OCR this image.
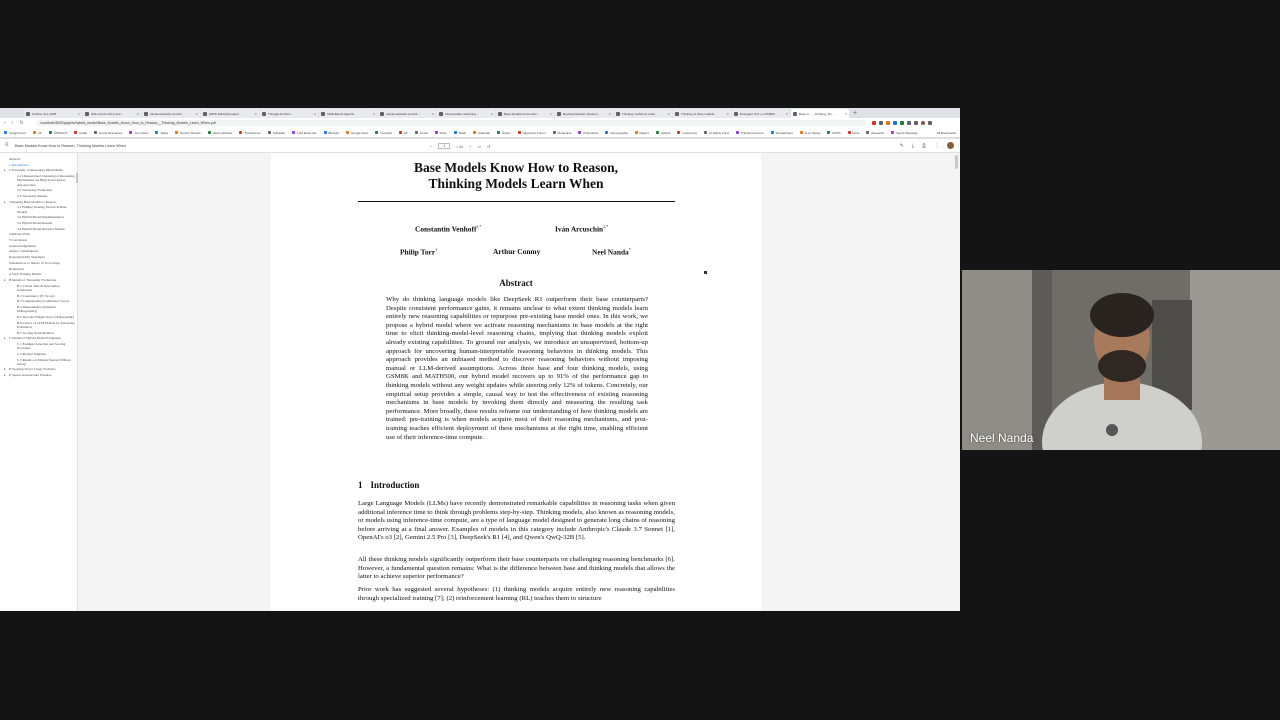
October 3rd, 2025	×	Self-correct with a few…	×	nanda.substack.com/i/1…	×	[2506.1041] Emergent…	×	Thought Anchors…	×	SWE-Bench Agentic…	×	nanda.substack.com/i/1…	×	Interpretable reasoning…	×	Base Models Know How…	×	Revised Abstract: Reason…	×	Thinking models at scale…	×	Thinking vs base models…	×	Emergent CoT on GSM8K…	×	Base m… _Thinking_Mo…	× +
‹ › ↻	localhost:8000/papers/hybrid_model/Base_Models_Know_How_to_Reason__Thinking_Models_Learn_When.pdf
nnsight docs	AF	NNSIGHT	Colab	Arena Resources	Core Docs	Tasks	Neuron Review	Neel's Website	Transformer	Substack	LLM Eval Lists	Bluesky	Google Docs	Overleaf	HF	Gmail	Drive	Slack	Calendar	Notion	Alignment Forum	Metaculus	Polymarket	Neuronpedia	Papers	GitHub	Lesswrong	AI Safety Fund	TransformerLens	Spreadsheet	Arxiv Sanity	MATS	Docs	Research	Neel's Meetings	All Bookmarks
≡ Base Models Know How to Reason, Thinking Models Learn When	−	1	/ 44 + ▭ ↺	✎ ⤓ ⎙ ⋮
Abstract
1 Introduction
▸ 2 Taxonomy of Reasoning Mechanisms
2.1 Unsupervised Clustering of Reasoning Mechanisms via High-Level Sparse Autoencoders
2.2 Taxonomy Evaluation
2.3 Taxonomy Results
▸ 3 Steering Base Models to Reason
3.1 Finding Steering Vectors in Base Models
3.2 Hybrid Model Implementation
3.3 Hybrid Model Results
3.4 Hybrid Model Ablation Studies
4 Related Work
5 Conclusion
Acknowledgements
Author Contributions
Reproducibility Statement
Statement as to Impact of Tool Usage
References
A SAE Training Details
▸ B Details of Taxonomy Evaluation
B.1 Cluster Title & Description Generation
B.2 Consistency (F1 Score)
B.3 Completeness (Confidence Score)
B.4 Independence (Semantic Orthogonality)
B.5 Decoder Weight Vector Orthogonality
B.6 Choice of LLM Models for Taxonomy Evaluation
B.7 Scoring Normalization
▸ C Details of Hybrid Model Evaluation
C.1 Example Selection and Scoring Procedure
C.2 Prompt Template
C.3 Results on Models Steered Without Sweep
▸ D Steering Vector Usage Statistics
▸ E Sparse Autoencoder Features
Base Models Know How to Reason,
Thinking Models Learn When
Constantin Venhoff$^{1,*}$	Iván Arcuschin$^{2,*}$
Philip Torr$^1$	Arthur Conmy	Neel Nanda*
Abstract
Why do thinking language models like DeepSeek R1 outperform their base counterparts? Despite consistent performance gains, it remains unclear to what extent thinking models learn entirely new reasoning capabilities or repurpose pre-existing base model ones. In this work, we propose a hybrid model where we activate reasoning mechanisms in base models at the right time to elicit thinking-model-level reasoning chains, implying that thinking models exploit already existing capabilities. To ground our analysis, we introduce an unsupervised, bottom-up approach for uncovering human-interpretable reasoning behaviors in thinking models. This approach provides an unbiased method to discover reasoning behaviors without imposing manual or LLM-derived assumptions. Across three base and four thinking models, using GSM8K and MATH500, our hybrid model recovers up to 91% of the performance gap to thinking models without any weight updates while steering only 12% of tokens. Concretely, our empirical setup provides a simple, causal way to test the effectiveness of existing reasoning mechanisms in base models by invoking them directly and measuring the resulting task performance. More broadly, these results reframe our understanding of how thinking models are trained: pre-training is when models acquire most of their reasoning mechanisms, and post-training teaches efficient deployment of these mechanisms at the right time, enabling efficient use of their inference-time compute.
1 Introduction
Large Language Models (LLMs) have recently demonstrated remarkable capabilities in reasoning tasks when given additional inference time to think through problems step-by-step. Thinking models, also known as reasoning models, or models using inference-time compute, are a type of language model designed to generate long chains of reasoning before arriving at a final answer. Examples of models in this category include Anthropic's Claude 3.7 Sonnet [1], OpenAI's o3 [2], Gemini 2.5 Pro [3], DeepSeek's R1 [4], and Qwen's QwQ-32B [5].
All these thinking models significantly outperform their base counterparts on challenging reasoning benchmarks [6]. However, a fundamental question remains: What is the difference between base and thinking models that allows the latter to achieve superior performance?
Prior work has suggested several hypotheses: (1) thinking models acquire entirely new reasoning capabilities through specialized training [7]; (2) reinforcement learning (RL) teaches them to structure
Neel Nanda
